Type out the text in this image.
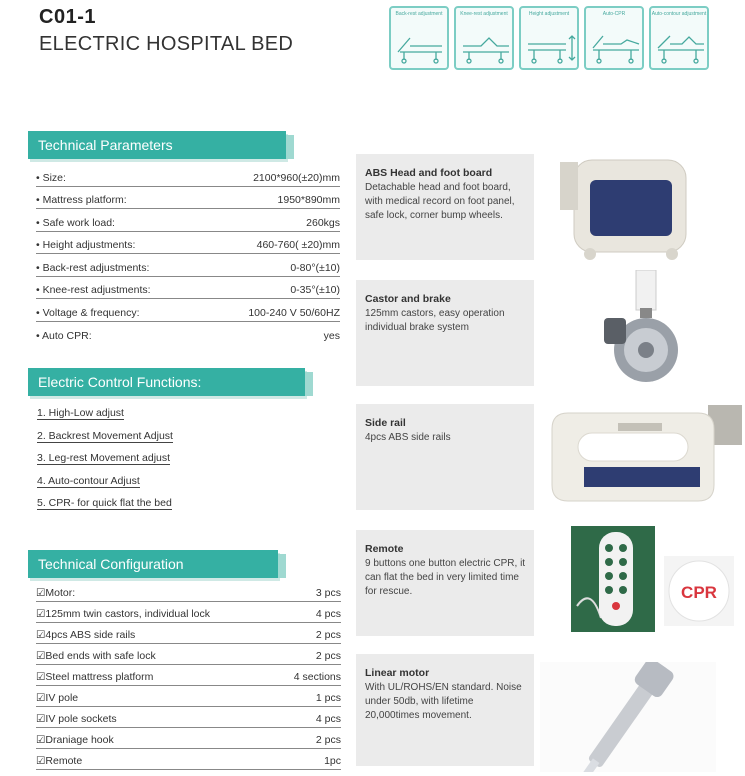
C01-1
ELECTRIC HOSPITAL BED
Back-rest adjustment	Knee-rest adjustment	Height adjustment	Auto-CPR	Auto-contour adjustment
Technical Parameters
• Size:	2100*960(±20)mm
• Mattress platform:	1950*890mm
• Safe work load:	260kgs
• Height adjustments:	460-760( ±20)mm
• Back-rest adjustments:	0-80°(±10)
• Knee-rest adjustments:	0-35°(±10)
• Voltage & frequency:	100-240 V 50/60HZ
• Auto CPR:	yes
Electric Control Functions:
1. High-Low adjust
2. Backrest Movement Adjust
3. Leg-rest Movement adjust
4. Auto-contour Adjust
5. CPR- for quick flat the bed
Technical Configuration
☑ Motor:	3 pcs
☑ 125mm twin castors, individual lock	4 pcs
☑ 4pcs ABS side rails	2 pcs
☑ Bed ends with safe lock	2 pcs
☑ Steel mattress platform	4 sections
☑ IV pole	1 pcs
☑ IV pole sockets	4 pcs
☑ Draniage hook	2 pcs
☑ Remote	1pc
ABS Head and foot board
Detachable head and foot board, with medical record on foot panel, safe lock, corner bump wheels.
Castor and brake
125mm castors, easy operation individual brake system
Side rail
4pcs ABS side rails
Remote
9 buttons one button electric CPR, it can flat the bed in very limited time for rescue.
Linear motor
With UL/ROHS/EN standard. Noise under 50db, with lifetime 20,000times movement.
CPR
